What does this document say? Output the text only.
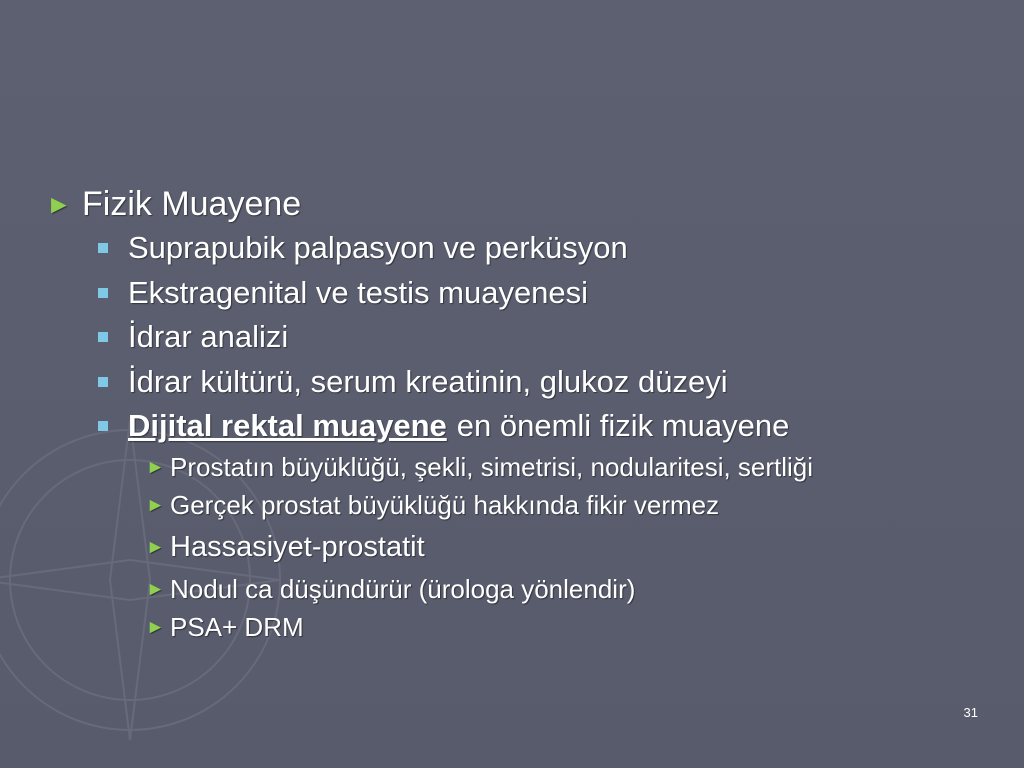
► Fizik Muayene
Suprapubik palpasyon ve perküsyon
Ekstragenital ve testis muayenesi
İdrar analizi
İdrar kültürü, serum kreatinin, glukoz düzeyi
Dijital rektal muayene en önemli fizik muayene
► Prostatın büyüklüğü, şekli, simetrisi, nodularitesi, sertliği
► Gerçek prostat büyüklüğü hakkında fikir vermez
► Hassasiyet-prostatit
► Nodul ca düşündürür (ürologa yönlendir)
► PSA+ DRM
31
